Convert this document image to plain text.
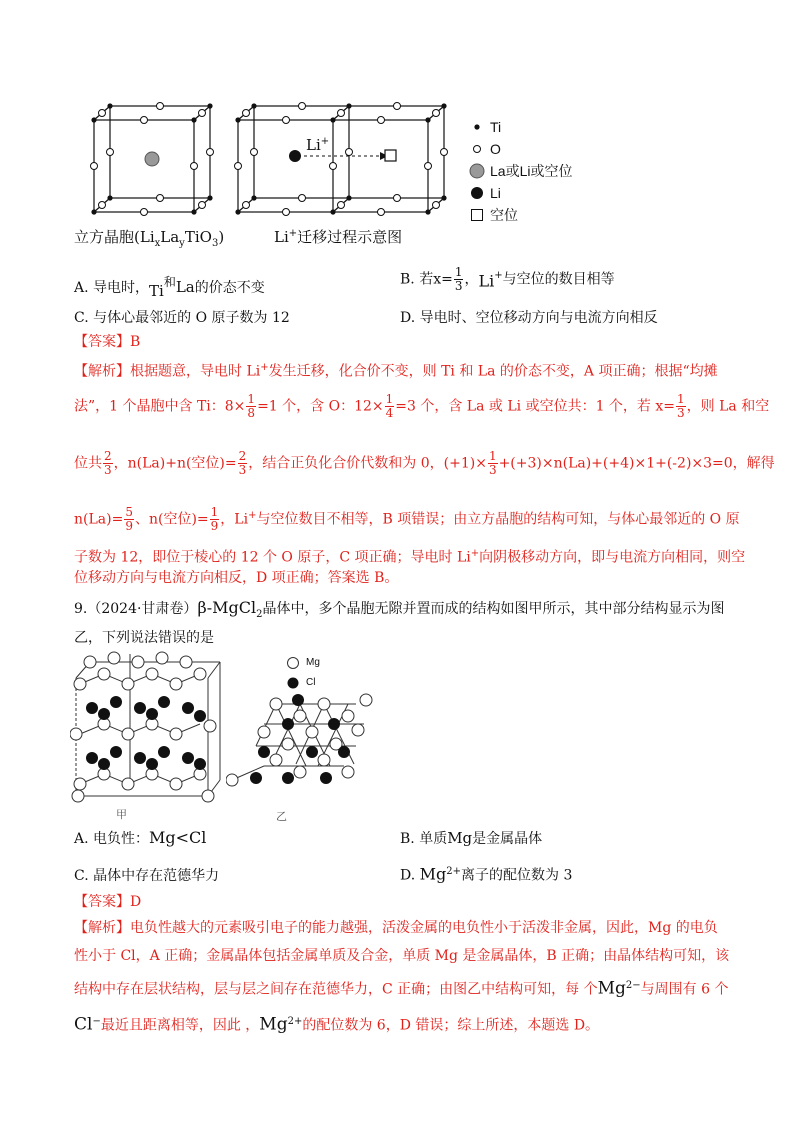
Li+
Ti
O
La或Li或空位
Li
空位
立方晶胞$(Li_xLa_yTiO_3)$	Li+迁移过程示意图
A. 导电时，Ti和La的价态不变
B. 若$x= \frac{1}{3}$ ，Li+与空位的数目相等
C. 与体心最邻近的 O 原子数为 12	D. 导电时、空位移动方向与电流方向相反
【答案】B
【解析】根据题意，导电时 Li+发生迁移，化合价不变，则 Ti 和 La 的价态不变，A 项正确；根据“均摊
法”，1 个晶胞中含 Ti：$8\times \frac{1}{8} =1$ 个，含 O：$12\times \frac{1}{4} =3$ 个，含 La 或 Li 或空位共：1 个，若 $x= \frac{1}{3}$ ，则 La 和空
位共 $\frac{2}{3}$ ，n(La)+n(空位)= $\frac{2}{3}$ ，结合正负化合价代数和为 0，$(+1)\times \frac{1}{3} +(+3)\times n(La)+(+4)\times 1+(-2)\times 3=0$，解得
$n(La)= \frac{5}{9}$ 、n(空位)= $\frac{1}{9}$ ，Li+与空位数目不相等，B 项错误；由立方晶胞的结构可知，与体心最邻近的 O 原
子数为 12，即位于棱心的 12 个 O 原子，C 项正确；导电时 Li+向阴极移动方向，即与电流方向相同，则空
位移动方向与电流方向相反，D 项正确；答案选 B。
9.（2024·甘肃卷）β-MgCl$_2$晶体中，多个晶胞无隙并置而成的结构如图甲所示，其中部分结构显示为图
乙，下列说法错误的是
甲	乙
Mg
Cl
A. 电负性：Mg<Cl	B. 单质Mg是金属晶体
C. 晶体中存在范德华力	D. $Mg^{2+}$离子的配位数为 3
【答案】D
【解析】电负性越大的元素吸引电子的能力越强，活泼金属的电负性小于活泼非金属，因此，Mg 的电负
性小于 Cl，A 正确；金属晶体包括金属单质及合金，单质 Mg 是金属晶体，B 正确；由晶体结构可知，该
结构中存在层状结构，层与层之间存在范德华力，C 正确；由图乙中结构可知，每 个$Mg^{2-}$与周围有 6 个
Cl−最近且距离相等，因此 ，$Mg^{2+}$的配位数为 6，D 错误；综上所述，本题选 D。
